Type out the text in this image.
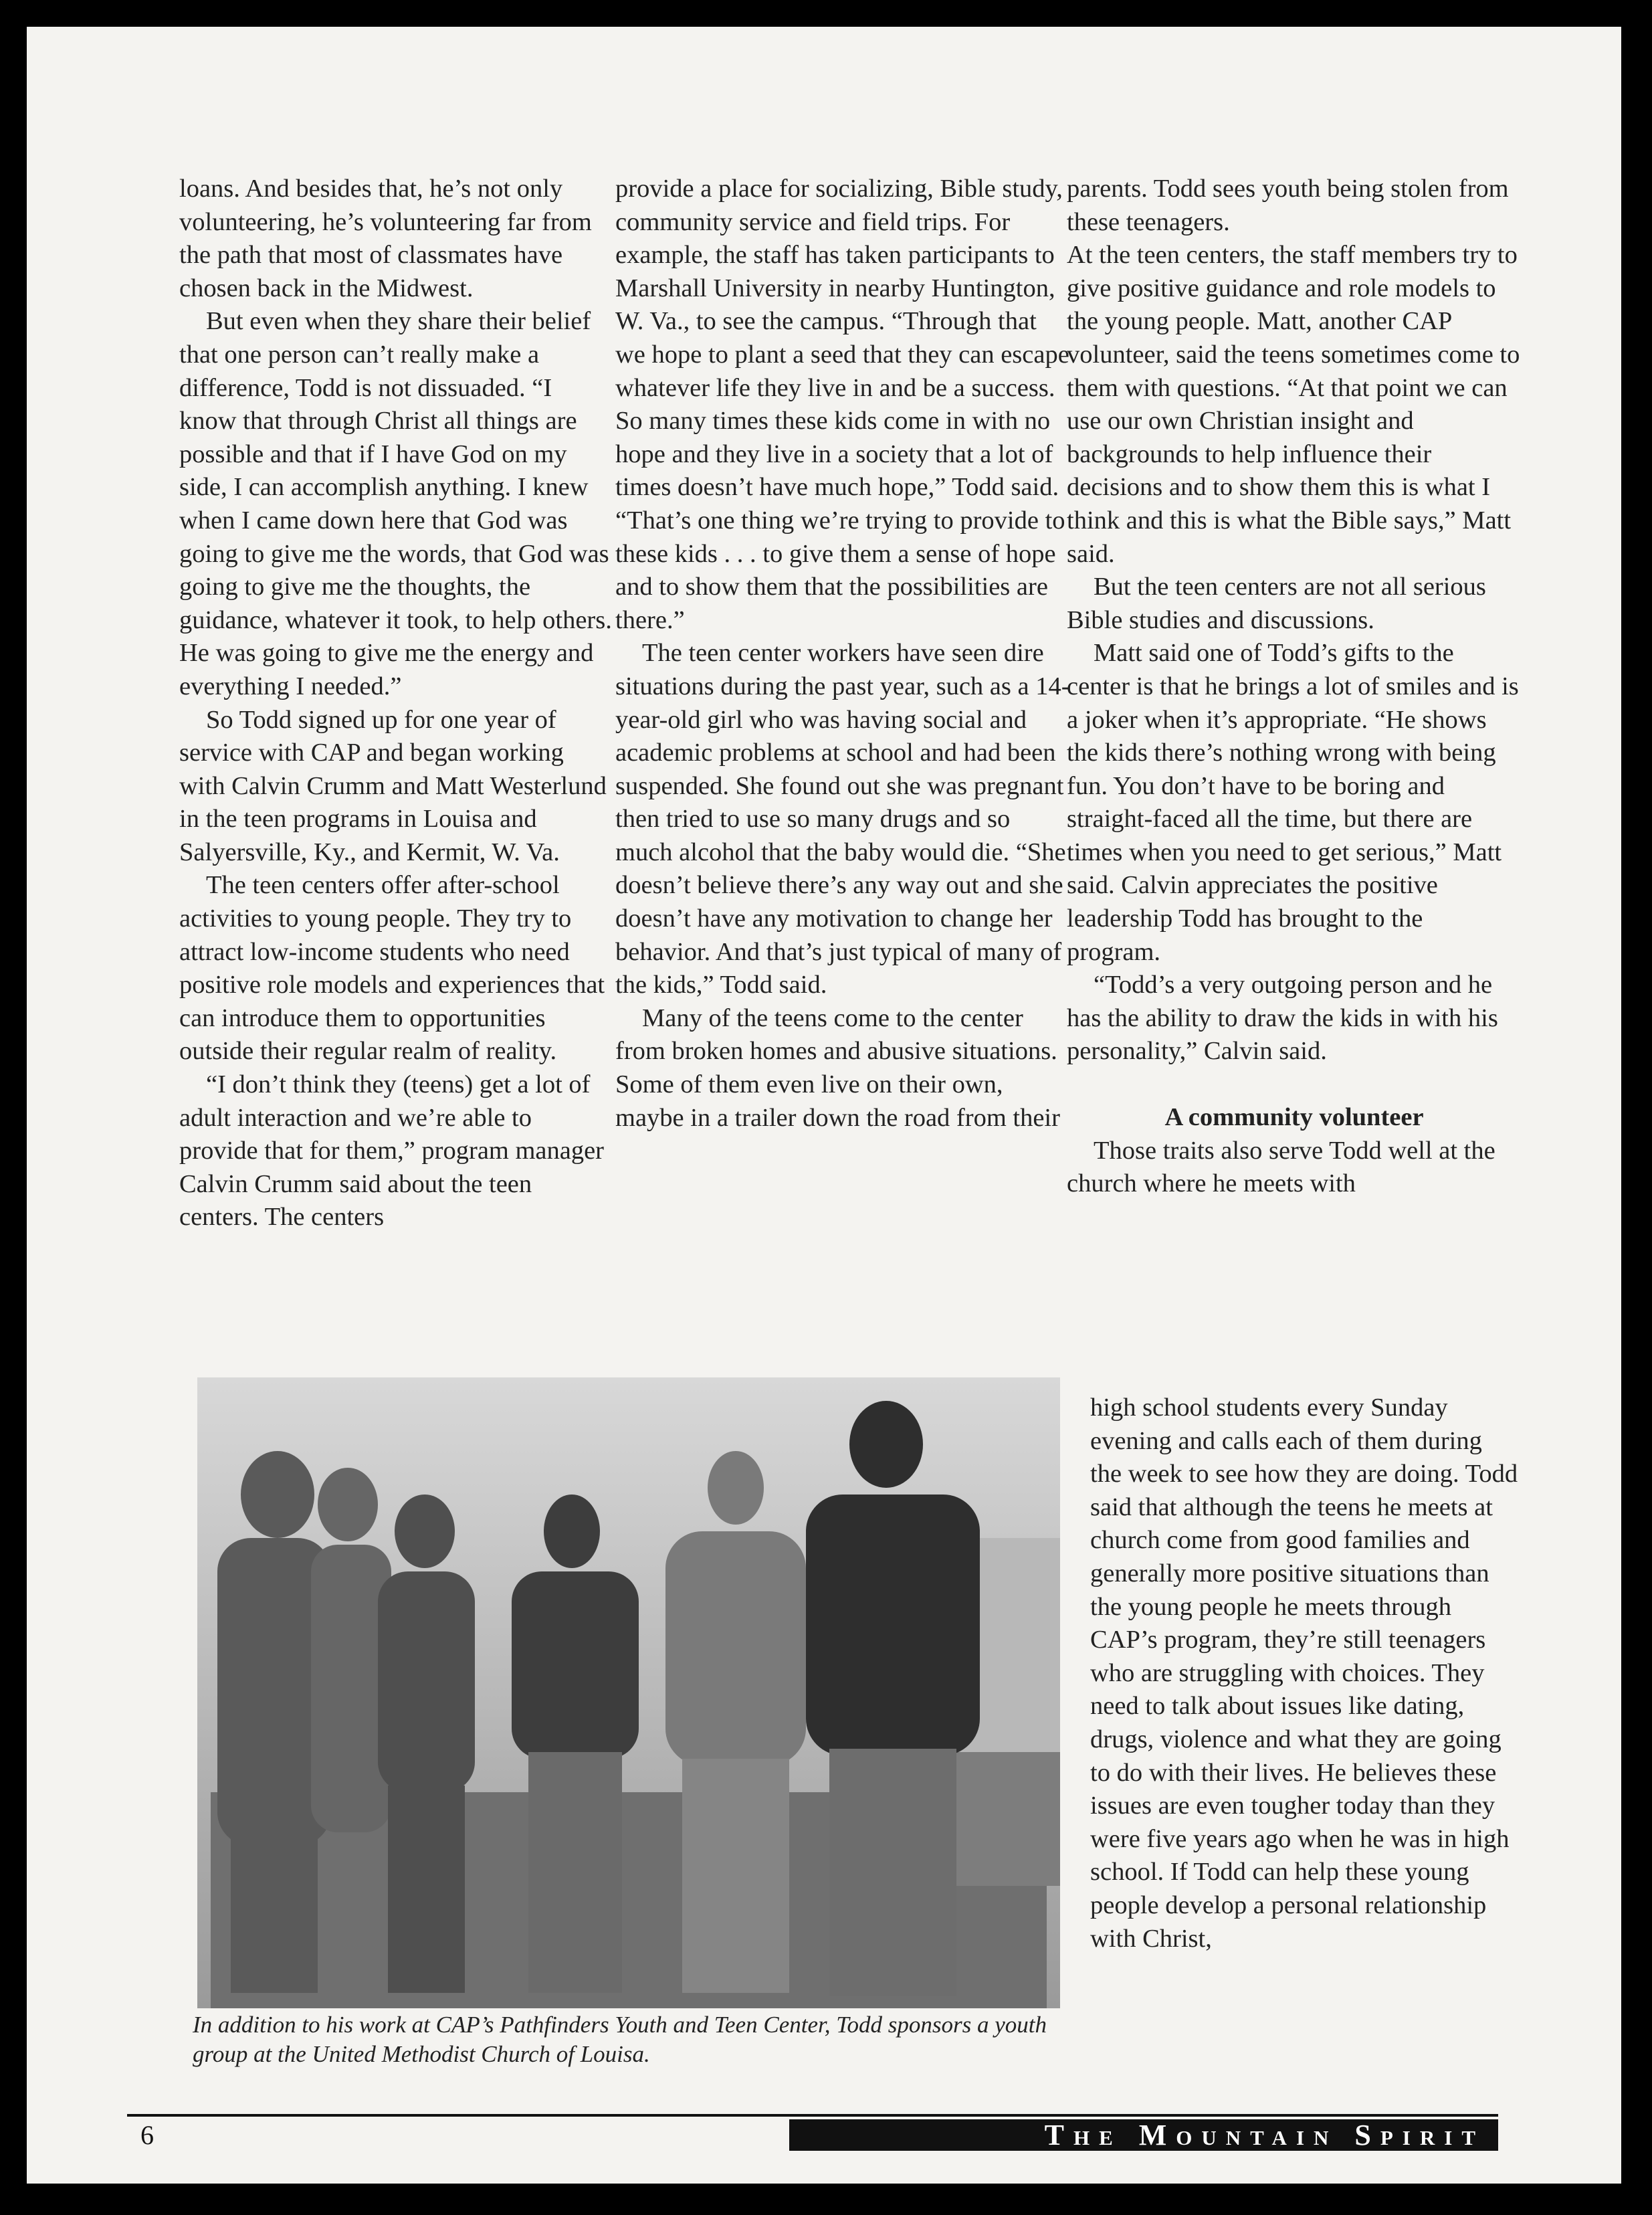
loans. And besides that, he’s not only volunteering, he’s volunteering far from the path that most of classmates have chosen back in the Midwest.

But even when they share their belief that one person can’t really make a difference, Todd is not dissuaded. “I know that through Christ all things are possible and that if I have God on my side, I can accomplish anything. I knew when I came down here that God was going to give me the words, that God was going to give me the thoughts, the guidance, whatever it took, to help others. He was going to give me the energy and everything I needed.”

So Todd signed up for one year of service with CAP and began working with Calvin Crumm and Matt Westerlund in the teen programs in Louisa and Salyersville, Ky., and Kermit, W. Va.

The teen centers offer after-school activities to young people. They try to attract low-income students who need positive role models and experiences that can introduce them to opportunities outside their regular realm of reality.

“I don’t think they (teens) get a lot of adult interaction and we’re able to provide that for them,” program manager Calvin Crumm said about the teen centers. The centers

provide a place for socializing, Bible study, community service and field trips. For example, the staff has taken participants to Marshall University in nearby Huntington, W. Va., to see the campus. “Through that we hope to plant a seed that they can escape whatever life they live in and be a success. So many times these kids come in with no hope and they live in a society that a lot of times doesn’t have much hope,” Todd said. “That’s one thing we’re trying to provide to these kids . . . to give them a sense of hope and to show them that the possibilities are there.”

The teen center workers have seen dire situations during the past year, such as a 14-year-old girl who was having social and academic problems at school and had been suspended. She found out she was pregnant then tried to use so many drugs and so much alcohol that the baby would die. “She doesn’t believe there’s any way out and she doesn’t have any motivation to change her behavior. And that’s just typical of many of the kids,” Todd said.

Many of the teens come to the center from broken homes and abusive situations. Some of them even live on their own, maybe in a trailer down the road from their

parents. Todd sees youth being stolen from these teenagers.

At the teen centers, the staff members try to give positive guidance and role models to the young people. Matt, another CAP volunteer, said the teens sometimes come to them with questions. “At that point we can use our own Christian insight and backgrounds to help influence their decisions and to show them this is what I think and this is what the Bible says,” Matt said.

But the teen centers are not all serious Bible studies and discussions.

Matt said one of Todd’s gifts to the center is that he brings a lot of smiles and is a joker when it’s appropriate. “He shows the kids there’s nothing wrong with being fun. You don’t have to be boring and straight-faced all the time, but there are times when you need to get serious,” Matt said. Calvin appreciates the positive leadership Todd has brought to the program.

“Todd’s a very outgoing person and he has the ability to draw the kids in with his personality,” Calvin said.

A community volunteer

Those traits also serve Todd well at the church where he meets with

high school students every Sunday evening and calls each of them during the week to see how they are doing. Todd said that although the teens he meets at church come from good families and generally more positive situations than the young people he meets through CAP’s program, they’re still teenagers who are struggling with choices. They need to talk about issues like dating, drugs, violence and what they are going to do with their lives. He believes these issues are even tougher today than they were five years ago when he was in high school. If Todd can help these young people develop a personal relationship with Christ,

In addition to his work at CAP’s Pathfinders Youth and Teen Center, Todd sponsors a youth group at the United Methodist Church of Louisa.
6	The Mountain Spirit
